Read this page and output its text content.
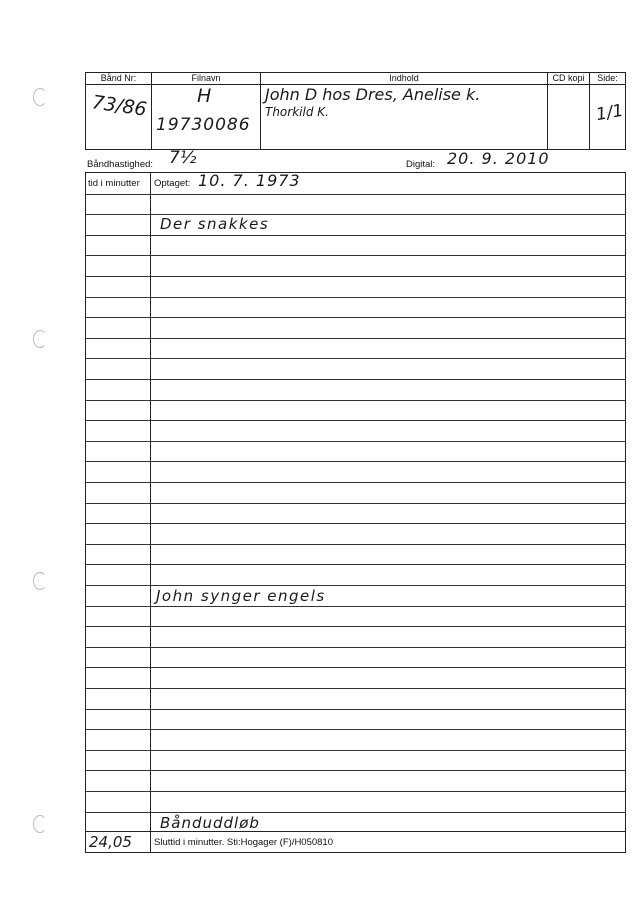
Bånd Nr:
73/86
Filnavn
H
19730086
Indhold
John D hos Dres, Anelise k.
Thorkild K.
CD kopi	Side:
1/1
Båndhastighed: 7½	Digital: 20. 9. 2010
tid i minutter Optaget: 10. 7. 1973
Der snakkes
John synger engels
Bånduddløb
24,05 Sluttid i minutter. Sti:Hogager (F)/H050810
